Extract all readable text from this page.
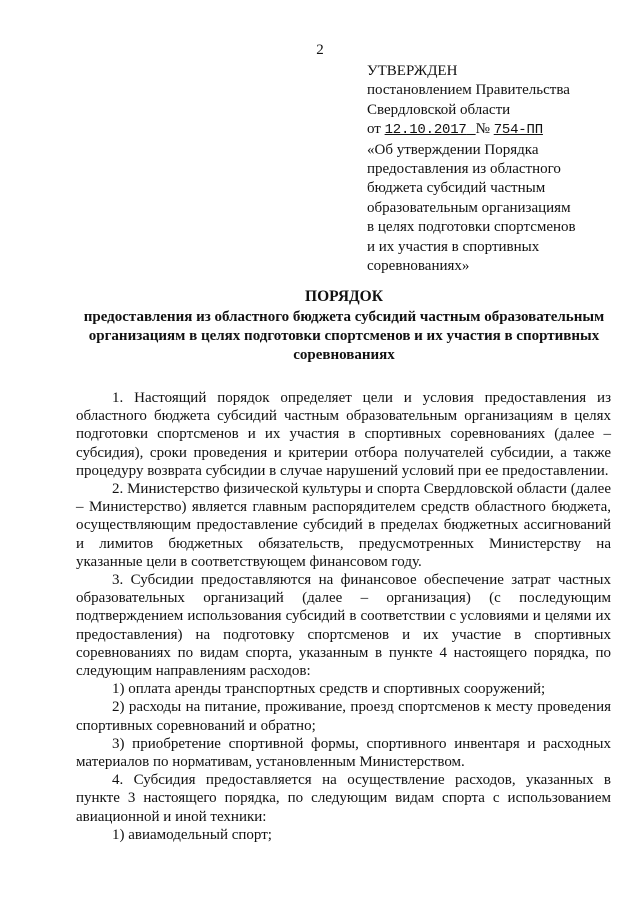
2
УТВЕРЖДЕН
постановлением Правительства
Свердловской области
от 12.10.2017 № 754-ПП
«Об утверждении Порядка
предоставления из областного
бюджета субсидий частным
образовательным организациям
в целях подготовки спортсменов
и их участия в спортивных
соревнованиях»
ПОРЯДОК
предоставления из областного бюджета субсидий частным образовательным организациям в целях подготовки спортсменов и их участия в спортивных соревнованиях

1. Настоящий порядок определяет цели и условия предоставления из областного бюджета субсидий частным образовательным организациям в целях подготовки спортсменов и их участия в спортивных соревнованиях (далее – субсидия), сроки проведения и критерии отбора получателей субсидии, а также процедуру возврата субсидии в случае нарушений условий при ее предоставлении.

2. Министерство физической культуры и спорта Свердловской области (далее – Министерство) является главным распорядителем средств областного бюджета, осуществляющим предоставление субсидий в пределах бюджетных ассигнований и лимитов бюджетных обязательств, предусмотренных Министерству на указанные цели в соответствующем финансовом году.

3. Субсидии предоставляются на финансовое обеспечение затрат частных образовательных организаций (далее – организация) (с последующим подтверждением использования субсидий в соответствии с условиями и целями их предоставления) на подготовку спортсменов и их участие в спортивных соревнованиях по видам спорта, указанным в пункте 4 настоящего порядка, по следующим направлениям расходов:

1) оплата аренды транспортных средств и спортивных сооружений;

2) расходы на питание, проживание, проезд спортсменов к месту проведения спортивных соревнований и обратно;

3) приобретение спортивной формы, спортивного инвентаря и расходных материалов по нормативам, установленным Министерством.

4. Субсидия предоставляется на осуществление расходов, указанных в пункте 3 настоящего порядка, по следующим видам спорта с использованием авиационной и иной техники:

1) авиамодельный спорт;
